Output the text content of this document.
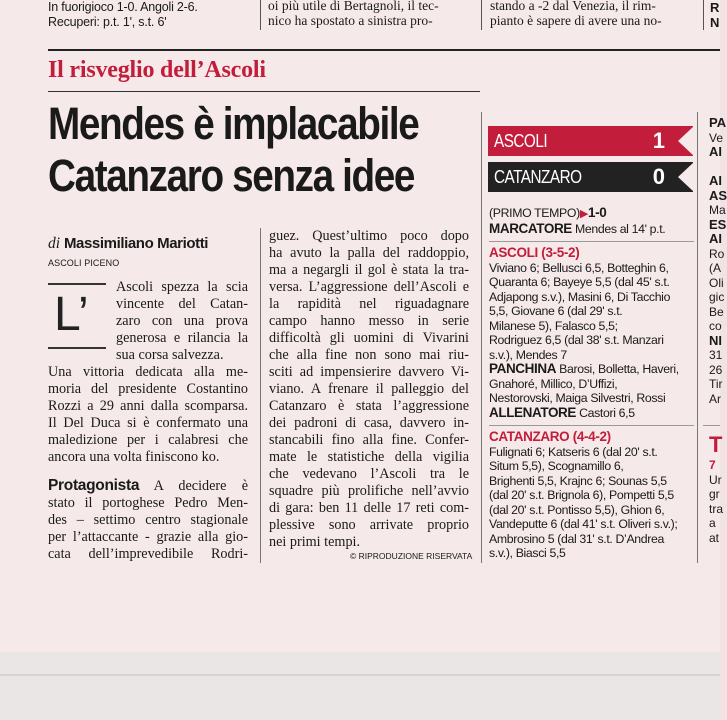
In fuorigioco 1-0. Angoli 2-6.
Recuperi: p.t. 1', s.t. 6'
oi più utile di Bertagnoli, il tec-
nico ha spostato a sinistra pro-
stando a -2 dal Venezia, il rim-
pianto è sapere di avere una no-
R
N
Il risveglio dell’Ascoli
Mendes è implacabile
Catanzaro senza idee
di Massimiliano Mariotti
ASCOLI PICENO
L’
Ascoli spezza la scia
vincente del Catan-
zaro con una prova
generosa e rilancia la
sua corsa salvezza.
Una vittoria dedicata alla me-
moria del presidente Costantino
Rozzi a 29 anni dalla scomparsa.
Il Del Duca si è confermato una
maledizione per i calabresi che
ancora una volta finiscono ko.
Protagonista A decidere è
stato il portoghese Pedro Men-
des – settimo centro stagionale
per l’attaccante - grazie alla gio-
cata dell’imprevedibile Rodri-
guez. Quest’ultimo poco dopo
ha avuto la palla del raddoppio,
ma a negargli il gol è stata la tra-
versa. L’aggressione dell’Ascoli e
la rapidità nel riguadagnare
campo hanno messo in serie
difficoltà gli uomini di Vivarini
che alla fine non sono mai riu-
sciti ad impensierire davvero Vi-
viano. A frenare il palleggio del
Catanzaro è stata l’aggressione
dei padroni di casa, davvero in-
stancabili fino alla fine. Confer-
mate le statistiche della vigilia
che vedevano l’Ascoli tra le
squadre più prolifiche nell’avvio
di gara: ben 11 delle 17 reti com-
plessive sono arrivate proprio
nei primi tempi.
© RIPRODUZIONE RISERVATA
ASCOLI	1
CATANZARO	0
(PRIMO TEMPO)▶1-0
MARCATORE Mendes al 14' p.t.
ASCOLI (3-5-2)
Viviano 6; Bellusci 6,5, Botteghin 6,
Quaranta 6; Bayeye 5,5 (dal 45' s.t.
Adjapong s.v.), Masini 6, Di Tacchio
5,5, Giovane 6 (dal 29' s.t.
Milanese 5), Falasco 5,5;
Rodriguez 6,5 (dal 38' s.t. Manzari
s.v.), Mendes 7
PANCHINA Barosi, Bolletta, Haveri,
Gnahoré, Millico, D’Uffizi,
Nestorovski, Maiga Silvestri, Rossi
ALLENATORE Castori 6,5
CATANZARO (4-4-2)
Fulignati 6; Katseris 6 (dal 20' s.t.
Situm 5,5), Scognamillo 6,
Brighenti 5,5, Krajnc 6; Sounas 5,5
(dal 20' s.t. Brignola 6), Pompetti 5,5
(dal 20' s.t. Pontisso 5,5), Ghion 6,
Vandeputte 6 (dal 41' s.t. Oliveri s.v.);
Ambrosino 5 (dal 31' s.t. D’Andrea
s.v.), Biasci 5,5
PA
Ve
AI

AI
AS
Ma
ES
AI
Ro
(A
Oli
gic
Be
co
NI
31
26
Tir
Ar
T
7
Ur
gr
tra
a
at
